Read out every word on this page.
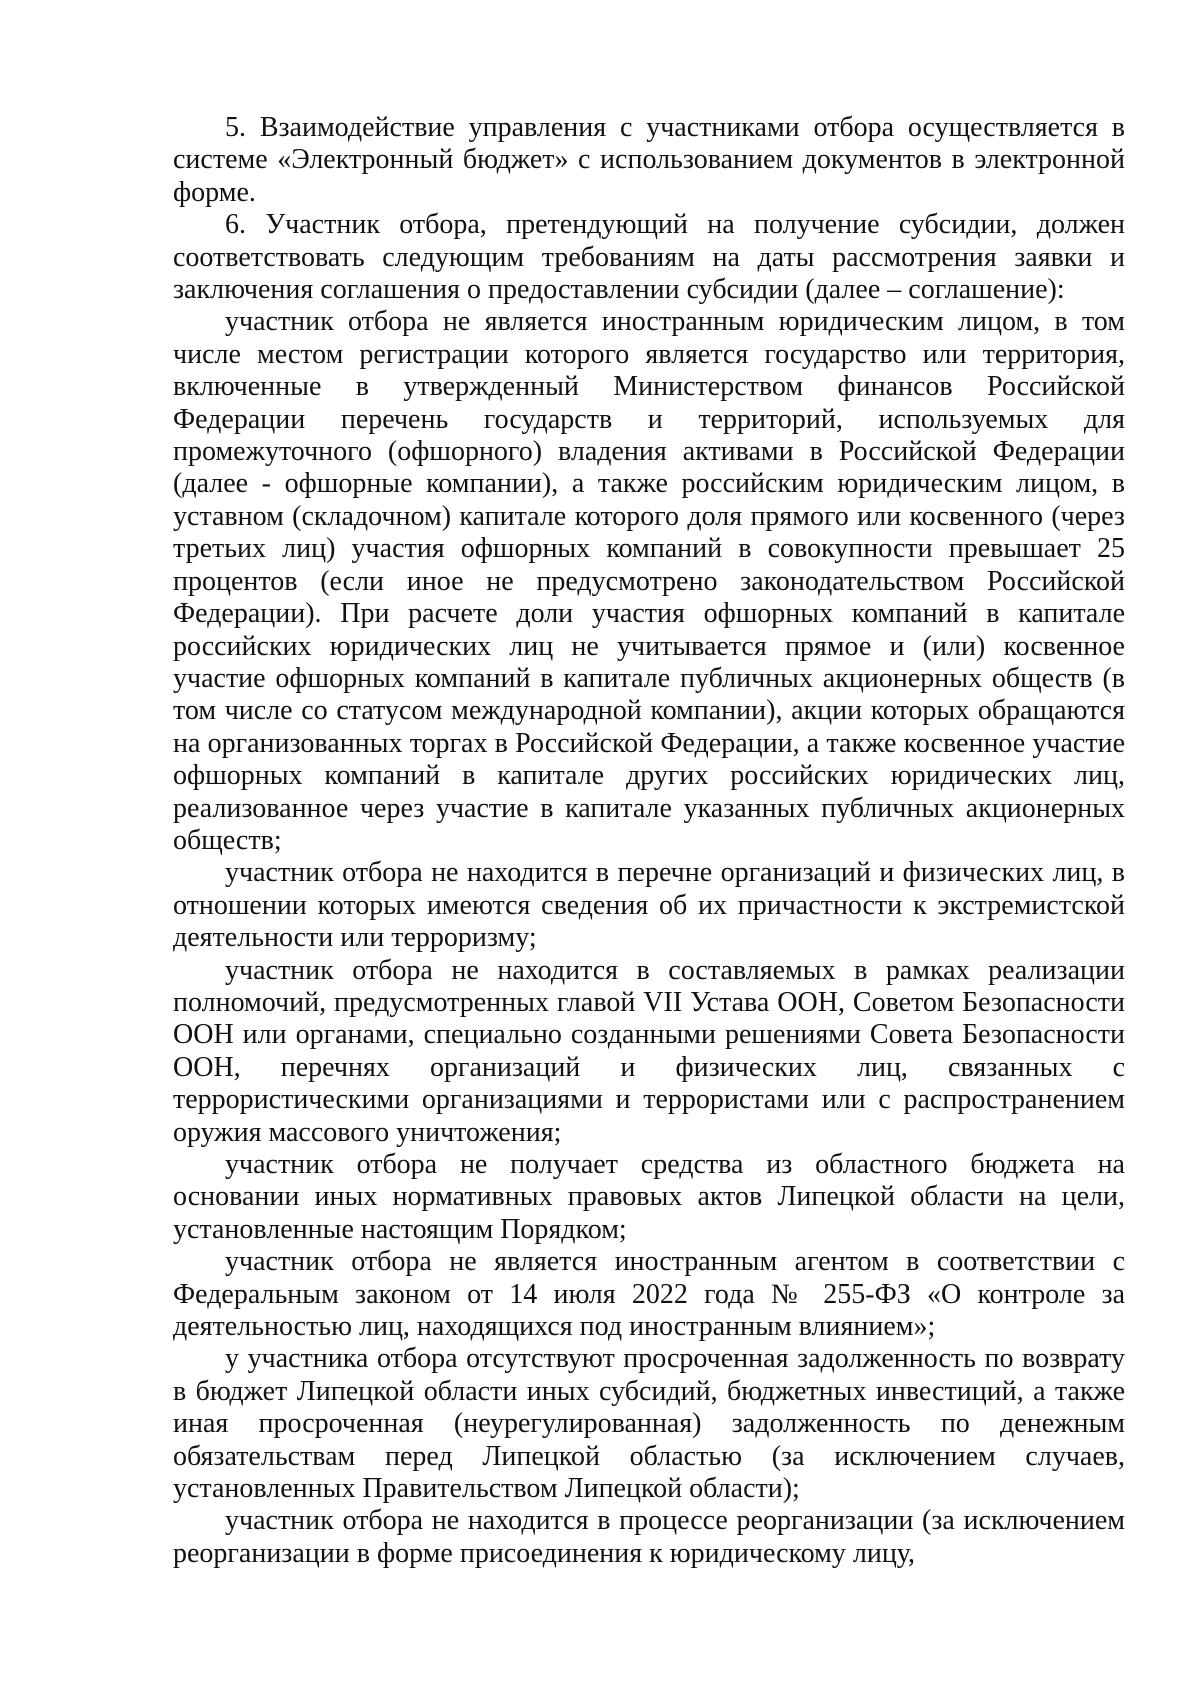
5. Взаимодействие управления с участниками отбора осуществляется в системе «Электронный бюджет» с использованием документов в электронной форме.

6. Участник отбора, претендующий на получение субсидии, должен соответствовать следующим требованиям на даты рассмотрения заявки и заключения соглашения о предоставлении субсидии (далее – соглашение):

участник отбора не является иностранным юридическим лицом, в том числе местом регистрации которого является государство или территория, включенные в утвержденный Министерством финансов Российской Федерации перечень государств и территорий, используемых для промежуточного (офшорного) владения активами в Российской Федерации (далее - офшорные компании), а также российским юридическим лицом, в уставном (складочном) капитале которого доля прямого или косвенного (через третьих лиц) участия офшорных компаний в совокупности превышает 25 процентов (если иное не предусмотрено законодательством Российской Федерации). При расчете доли участия офшорных компаний в капитале российских юридических лиц не учитывается прямое и (или) косвенное участие офшорных компаний в капитале публичных акционерных обществ (в том числе со статусом международной компании), акции которых обращаются на организованных торгах в Российской Федерации, а также косвенное участие офшорных компаний в капитале других российских юридических лиц, реализованное через участие в капитале указанных публичных акционерных обществ;

участник отбора не находится в перечне организаций и физических лиц, в отношении которых имеются сведения об их причастности к экстремистской деятельности или терроризму;

участник отбора не находится в составляемых в рамках реализации полномочий, предусмотренных главой VII Устава ООН, Советом Безопасности ООН или органами, специально созданными решениями Совета Безопасности ООН, перечнях организаций и физических лиц, связанных с террористическими организациями и террористами или с распространением оружия массового уничтожения;

участник отбора не получает средства из областного бюджета на основании иных нормативных правовых актов Липецкой области на цели, установленные настоящим Порядком;

участник отбора не является иностранным агентом в соответствии с Федеральным законом от 14 июля 2022 года № 255-ФЗ «О контроле за деятельностью лиц, находящихся под иностранным влиянием»;

у участника отбора отсутствуют просроченная задолженность по возврату в бюджет Липецкой области иных субсидий, бюджетных инвестиций, а также иная просроченная (неурегулированная) задолженность по денежным обязательствам перед Липецкой областью (за исключением случаев, установленных Правительством Липецкой области);

участник отбора не находится в процессе реорганизации (за исключением реорганизации в форме присоединения к юридическому лицу,
